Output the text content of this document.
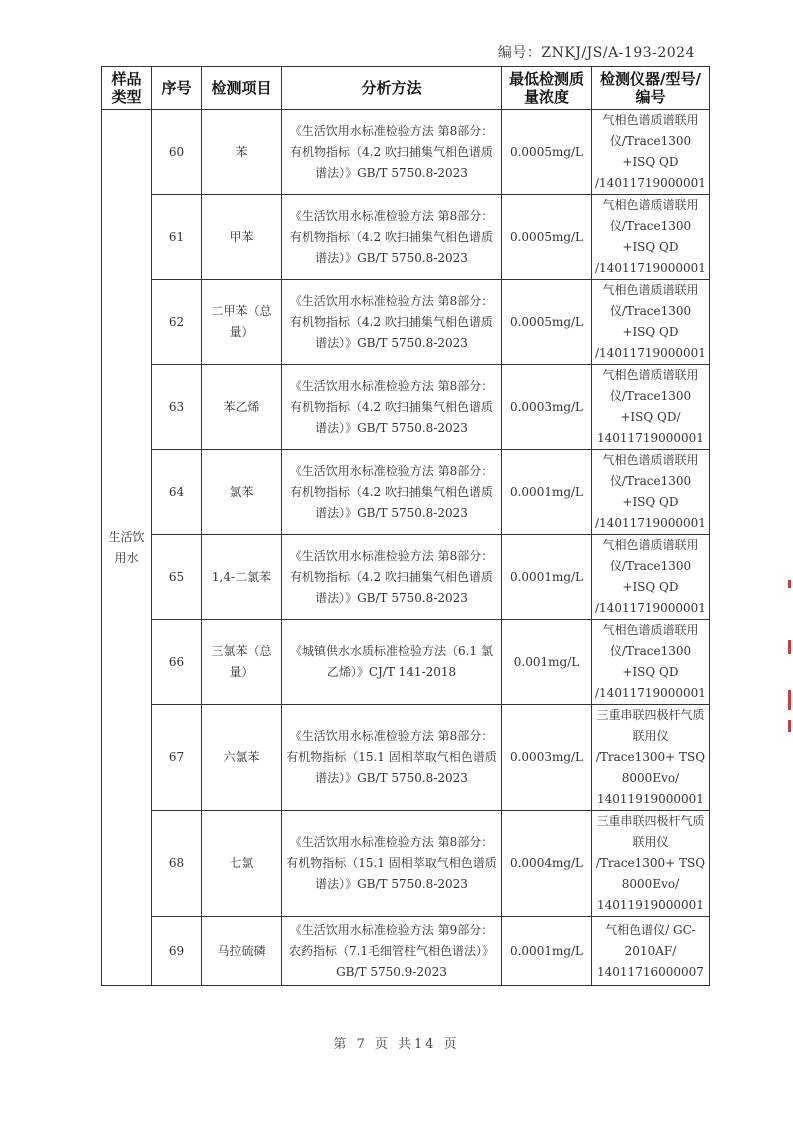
编号：ZNKJ/JS/A-193-2024
样品类型	序号	检测项目	分析方法	最低检测质量浓度	检测仪器/型号/编号
生活饮用水	60	苯	《生活饮用水标准检验方法 第8部分：有机物指标（4.2 吹扫捕集气相色谱质谱法）》GB/T 5750.8-2023	0.0005mg/L	气相色谱质谱联用仪/Trace1300 +ISQ QD /14011719000001
	61	甲苯	《生活饮用水标准检验方法 第8部分：有机物指标（4.2 吹扫捕集气相色谱质谱法）》GB/T 5750.8-2023	0.0005mg/L	气相色谱质谱联用仪/Trace1300 +ISQ QD /14011719000001
	62	二甲苯（总量）	《生活饮用水标准检验方法 第8部分：有机物指标（4.2 吹扫捕集气相色谱质谱法）》GB/T 5750.8-2023	0.0005mg/L	气相色谱质谱联用仪/Trace1300 +ISQ QD /14011719000001
	63	苯乙烯	《生活饮用水标准检验方法 第8部分：有机物指标（4.2 吹扫捕集气相色谱质谱法）》GB/T 5750.8-2023	0.0003mg/L	气相色谱质谱联用仪/Trace1300 +ISQ QD/ 14011719000001
	64	氯苯	《生活饮用水标准检验方法 第8部分：有机物指标（4.2 吹扫捕集气相色谱质谱法）》GB/T 5750.8-2023	0.0001mg/L	气相色谱质谱联用仪/Trace1300 +ISQ QD /14011719000001
	65	1,4-二氯苯	《生活饮用水标准检验方法 第8部分：有机物指标（4.2 吹扫捕集气相色谱质谱法）》GB/T 5750.8-2023	0.0001mg/L	气相色谱质谱联用仪/Trace1300 +ISQ QD /14011719000001
	66	三氯苯（总量）	《城镇供水水质标准检验方法（6.1 氯乙烯）》CJ/T 141-2018	0.001mg/L	气相色谱质谱联用仪/Trace1300 +ISQ QD /14011719000001
	67	六氯苯	《生活饮用水标准检验方法 第8部分：有机物指标（15.1 固相萃取气相色谱质谱法）》GB/T 5750.8-2023	0.0003mg/L	三重串联四极杆气质联用仪 /Trace1300+ TSQ 8000Evo/ 14011919000001
	68	七氯	《生活饮用水标准检验方法 第8部分：有机物指标（15.1 固相萃取气相色谱质谱法）》GB/T 5750.8-2023	0.0004mg/L	三重串联四极杆气质联用仪 /Trace1300+ TSQ 8000Evo/ 14011919000001
	69	马拉硫磷	《生活饮用水标准检验方法 第9部分：农药指标（7.1毛细管柱气相色谱法）》GB/T 5750.9-2023	0.0001mg/L	气相色谱仪/ GC-2010AF/ 14011716000007
第 7 页 共14 页
